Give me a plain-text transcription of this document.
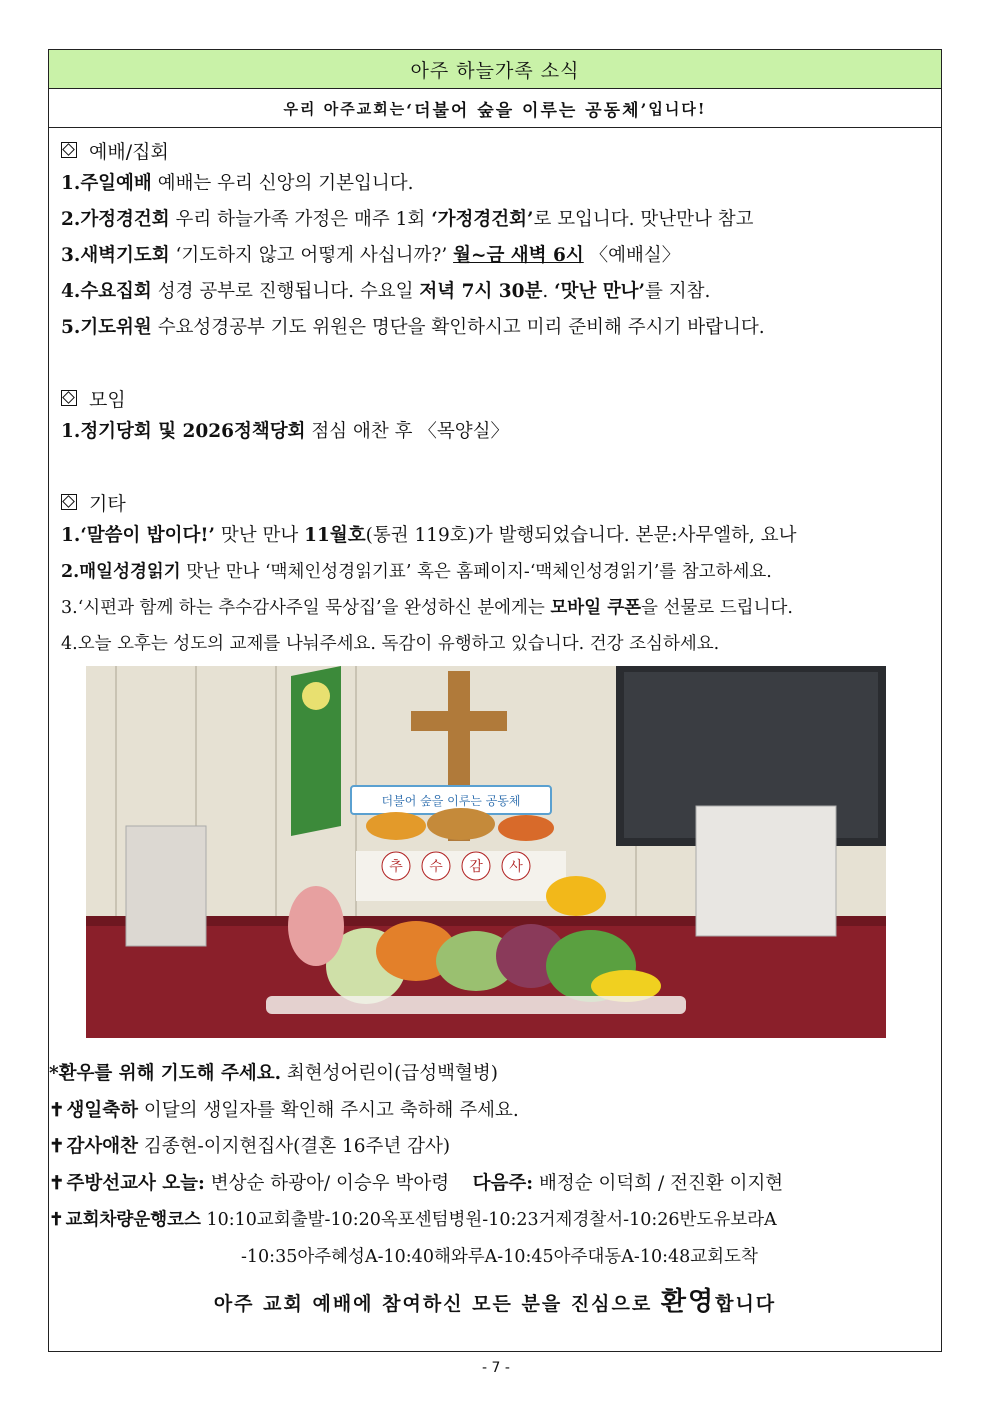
아주 하늘가족 소식
우리 아주교회는 ‘더불어 숲을 이루는 공동체’ 입니다!
예배/집회
1.주일예배 예배는 우리 신앙의 기본입니다.
2.가정경건회 우리 하늘가족 가정은 매주 1회 ‘가정경건회’로 모입니다. 맛난만나 참고
3.새벽기도회 ‘기도하지 않고 어떻게 사십니까?’ 월~금 새벽 6시 〈예배실〉
4.수요집회 성경 공부로 진행됩니다. 수요일 저녁 7시 30분. ‘맛난 만나’를 지참.
5.기도위원 수요성경공부 기도 위원은 명단을 확인하시고 미리 준비해 주시기 바랍니다.
모임
1.정기당회 및 2026정책당회 점심 애찬 후 〈목양실〉
기타
1.‘말씀이 밥이다!’ 맛난 만나 11월호(통권 119호)가 발행되었습니다. 본문:사무엘하, 요나
2.매일성경읽기 맛난 만나 ‘맥체인성경읽기표’ 혹은 홈페이지-‘맥체인성경읽기’를 참고하세요.
3.‘시편과 함께 하는 추수감사주일 묵상집’을 완성하신 분에게는 모바일 쿠폰을 선물로 드립니다.
4.오늘 오후는 성도의 교제를 나눠주세요. 독감이 유행하고 있습니다. 건강 조심하세요.
더불어 숲을 이루는 공동체
추 수 감 사
*환우를 위해 기도해 주세요. 최현성어린이(급성백혈병)
✝ 생일축하 이달의 생일자를 확인해 주시고 축하해 주세요.
✝ 감사애찬 김종현-이지현집사(결혼 16주년 감사)
✝ 주방선교사 오늘: 변상순 하광아/ 이승우 박아령 다음주: 배정순 이덕희 / 전진환 이지현
✝ 교회차량운행코스 10:10교회출발-10:20옥포센텀병원-10:23거제경찰서-10:26반도유보라A
-10:35아주혜성A-10:40해와루A-10:45아주대동A-10:48교회도착
아주 교회 예배에 참여하신 모든 분을 진심으로 환영합니다
- 7 -
